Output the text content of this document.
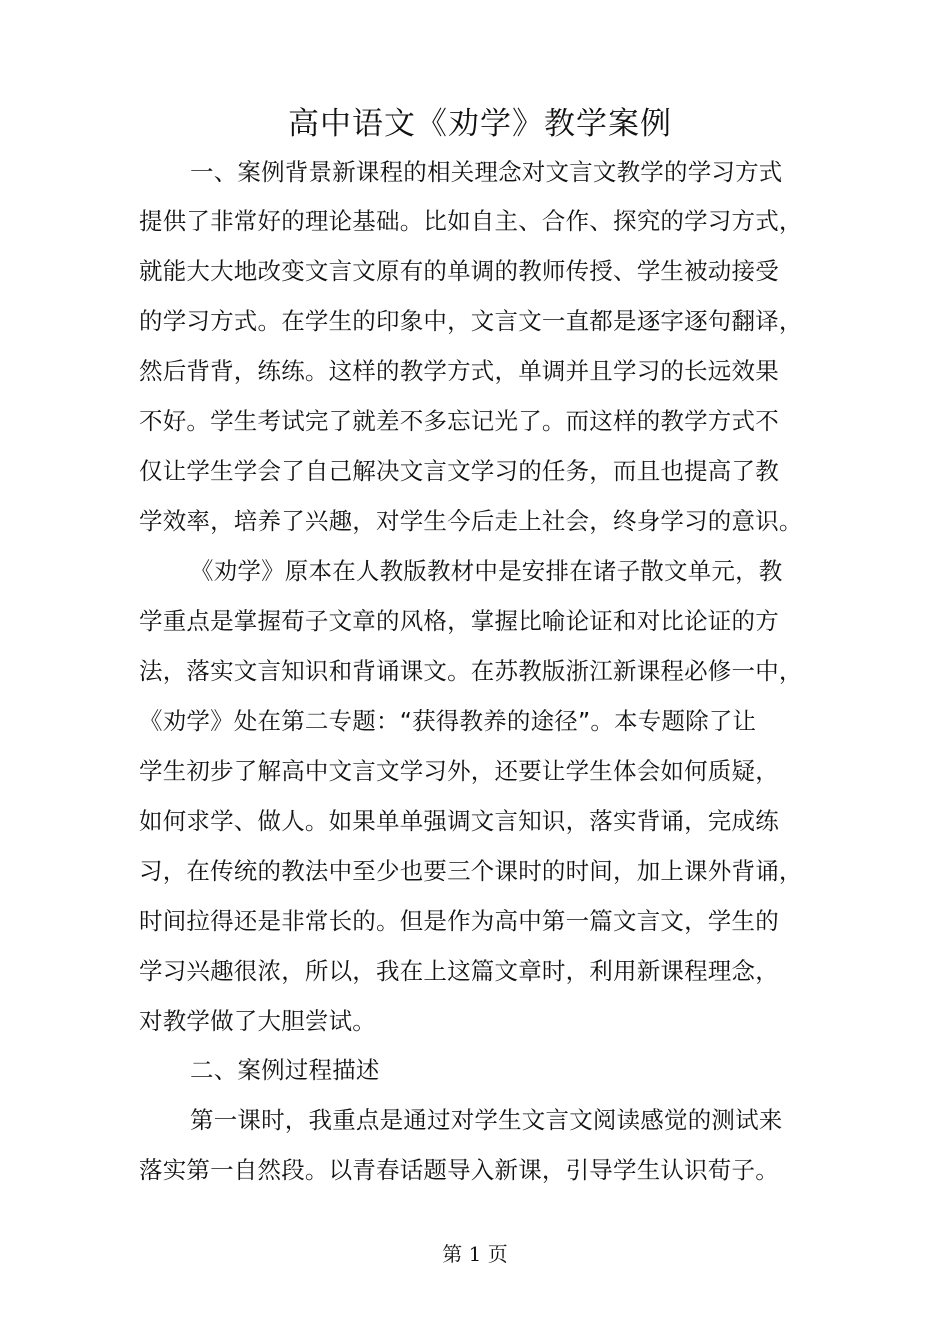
高中语文《劝学》教学案例
一、案例背景新课程的相关理念对文言文教学的学习方式
提供了非常好的理论基础。比如自主、合作、探究的学习方式，
就能大大地改变文言文原有的单调的教师传授、学生被动接受
的学习方式。在学生的印象中，文言文一直都是逐字逐句翻译，
然后背背，练练。这样的教学方式，单调并且学习的长远效果
不好。学生考试完了就差不多忘记光了。而这样的教学方式不
仅让学生学会了自己解决文言文学习的任务，而且也提高了教
学效率，培养了兴趣，对学生今后走上社会，终身学习的意识。
《劝学》原本在人教版教材中是安排在诸子散文单元，教
学重点是掌握荀子文章的风格，掌握比喻论证和对比论证的方
法，落实文言知识和背诵课文。在苏教版浙江新课程必修一中，
《劝学》处在第二专题：“获得教养的途径”。本专题除了让
学生初步了解高中文言文学习外，还要让学生体会如何质疑，
如何求学、做人。如果单单强调文言知识，落实背诵，完成练
习，在传统的教法中至少也要三个课时的时间，加上课外背诵，
时间拉得还是非常长的。但是作为高中第一篇文言文，学生的
学习兴趣很浓，所以，我在上这篇文章时，利用新课程理念，
对教学做了大胆尝试。
二、案例过程描述
第一课时，我重点是通过对学生文言文阅读感觉的测试来
落实第一自然段。以青春话题导入新课，引导学生认识荀子。
第 1 页
